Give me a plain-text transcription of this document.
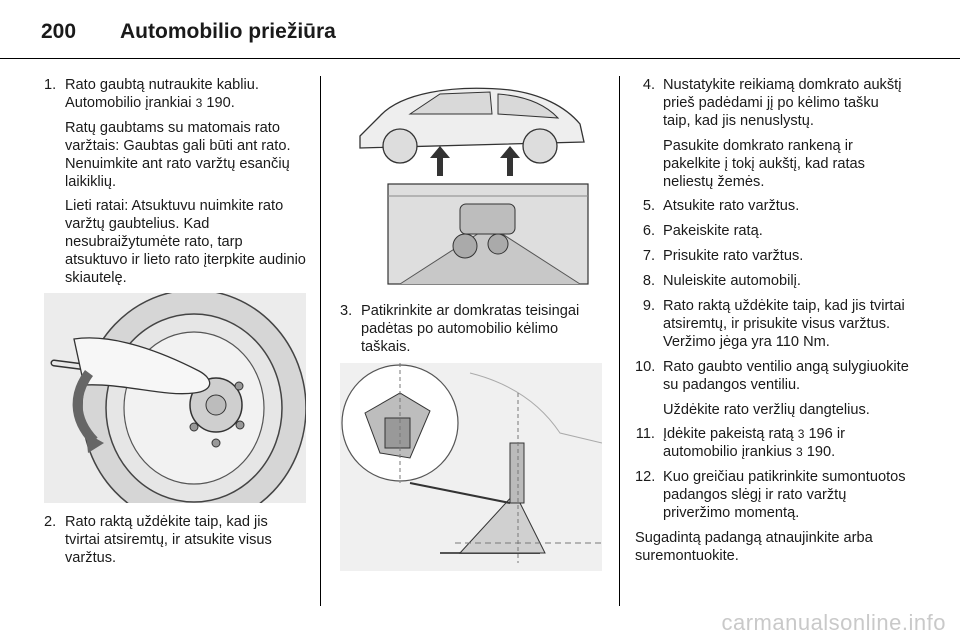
200 Automobilio priežiūra
1. Rato gaubtą nutraukite kabliu. Automobilio įrankiai 3 190.
Ratų gaubtams su matomais rato varžtais: Gaubtas gali būti ant rato. Nenuimkite ant rato varžtų esančių laikiklių.
Lieti ratai: Atsuktuvu nuimkite rato varžtų gaubtelius. Kad nesubraižytumėte rato, tarp atsuktuvo ir lieto rato įterpkite audinio skiautelę.
2. Rato raktą uždėkite taip, kad jis tvirtai atsiremtų, ir atsukite visus varžtus.
3. Patikrinkite ar domkratas teisingai padėtas po automobilio kėlimo taškais.
4. Nustatykite reikiamą domkrato aukštį prieš padėdami jį po kėlimo tašku taip, kad jis nenuslystų.
Pasukite domkrato rankeną ir pakelkite į tokį aukštį, kad ratas neliestų žemės.
5. Atsukite rato varžtus.
6. Pakeiskite ratą.
7. Prisukite rato varžtus.
8. Nuleiskite automobilį.
9. Rato raktą uždėkite taip, kad jis tvirtai atsiremtų, ir prisukite visus varžtus. Veržimo jėga yra 110 Nm.
10. Rato gaubto ventilio angą sulygiuokite su padangos ventiliu.
Uždėkite rato veržlių dangtelius.
11. Įdėkite pakeistą ratą 3 196 ir automobilio įrankius 3 190.
12. Kuo greičiau patikrinkite sumontuotos padangos slėgį ir rato varžtų priveržimo momentą.
Sugadintą padangą atnaujinkite arba suremontuokite.
carmanualsonline.info
